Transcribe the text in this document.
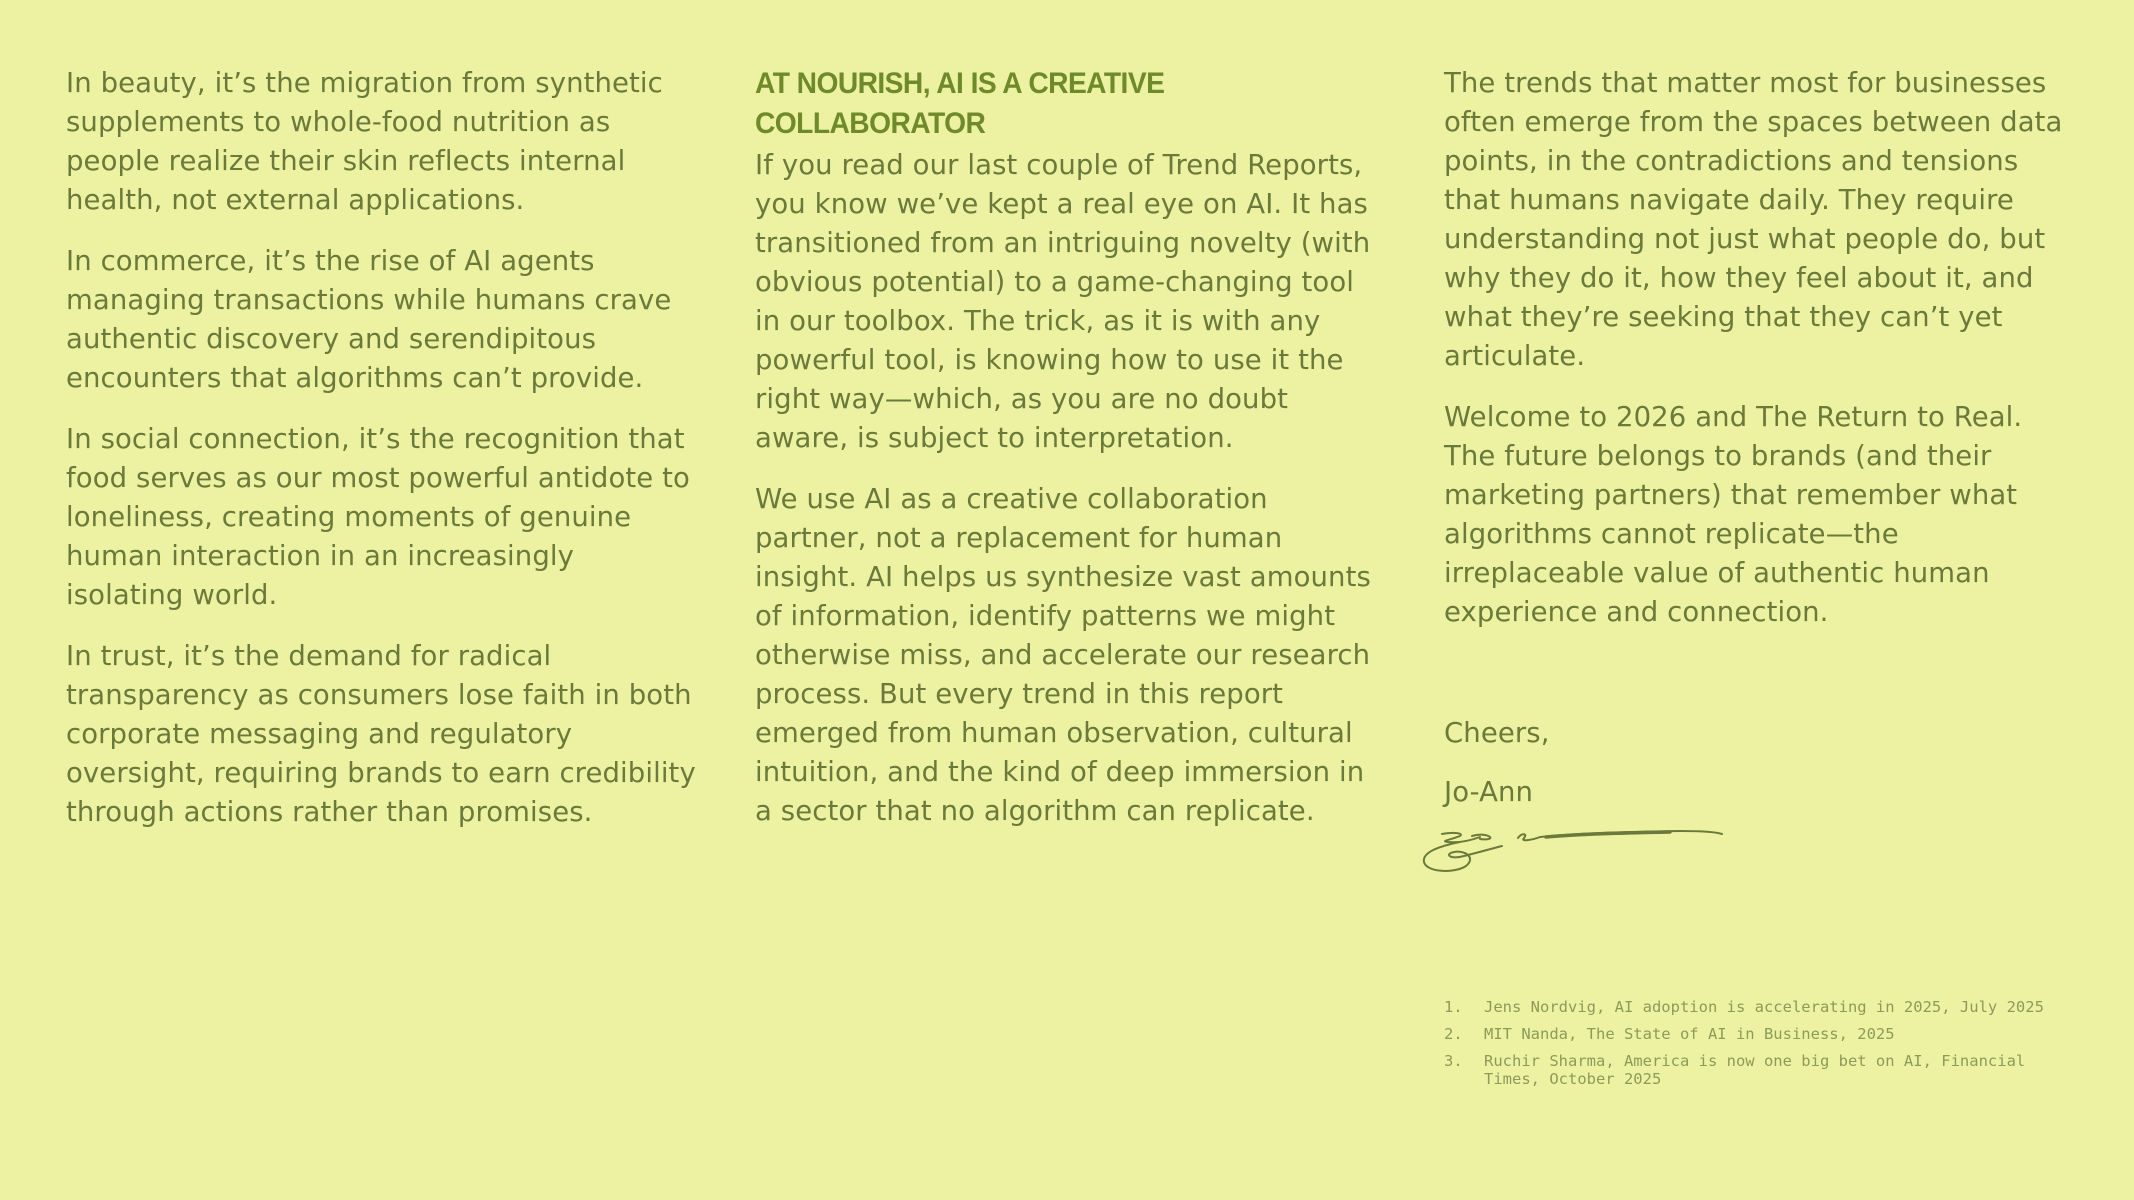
In beauty, it’s the migration from synthetic supplements to whole-food nutrition as people realize their skin reflects internal health, not external applications.

In commerce, it’s the rise of AI agents managing transactions while humans crave authentic discovery and serendipitous encounters that algorithms can’t provide.

In social connection, it’s the recognition that food serves as our most powerful antidote to loneliness, creating moments of genuine human interaction in an increasingly isolating world.

In trust, it’s the demand for radical transparency as consumers lose faith in both corporate messaging and regulatory oversight, requiring brands to earn credibility through actions rather than promises.

AT NOURISH, AI IS A CREATIVE COLLABORATOR

If you read our last couple of Trend Reports, you know we’ve kept a real eye on AI. It has transitioned from an intriguing novelty (with obvious potential) to a game-changing tool in our toolbox. The trick, as it is with any powerful tool, is knowing how to use it the right way—which, as you are no doubt aware, is subject to interpretation.

We use AI as a creative collaboration partner, not a replacement for human insight. AI helps us synthesize vast amounts of information, identify patterns we might otherwise miss, and accelerate our research process. But every trend in this report emerged from human observation, cultural intuition, and the kind of deep immersion in a sector that no algorithm can replicate.

The trends that matter most for businesses often emerge from the spaces between data points, in the contradictions and tensions that humans navigate daily. They require understanding not just what people do, but why they do it, how they feel about it, and what they’re seeking that they can’t yet articulate.

Welcome to 2026 and The Return to Real. The future belongs to brands (and their marketing partners) that remember what algorithms cannot replicate—the irreplaceable value of authentic human experience and connection.

Cheers,

Jo-Ann

1.	Jens Nordvig, AI adoption is accelerating in 2025, July 2025
2.	MIT Nanda, The State of AI in Business, 2025
3.	Ruchir Sharma, America is now one big bet on AI, Financial Times, October 2025
